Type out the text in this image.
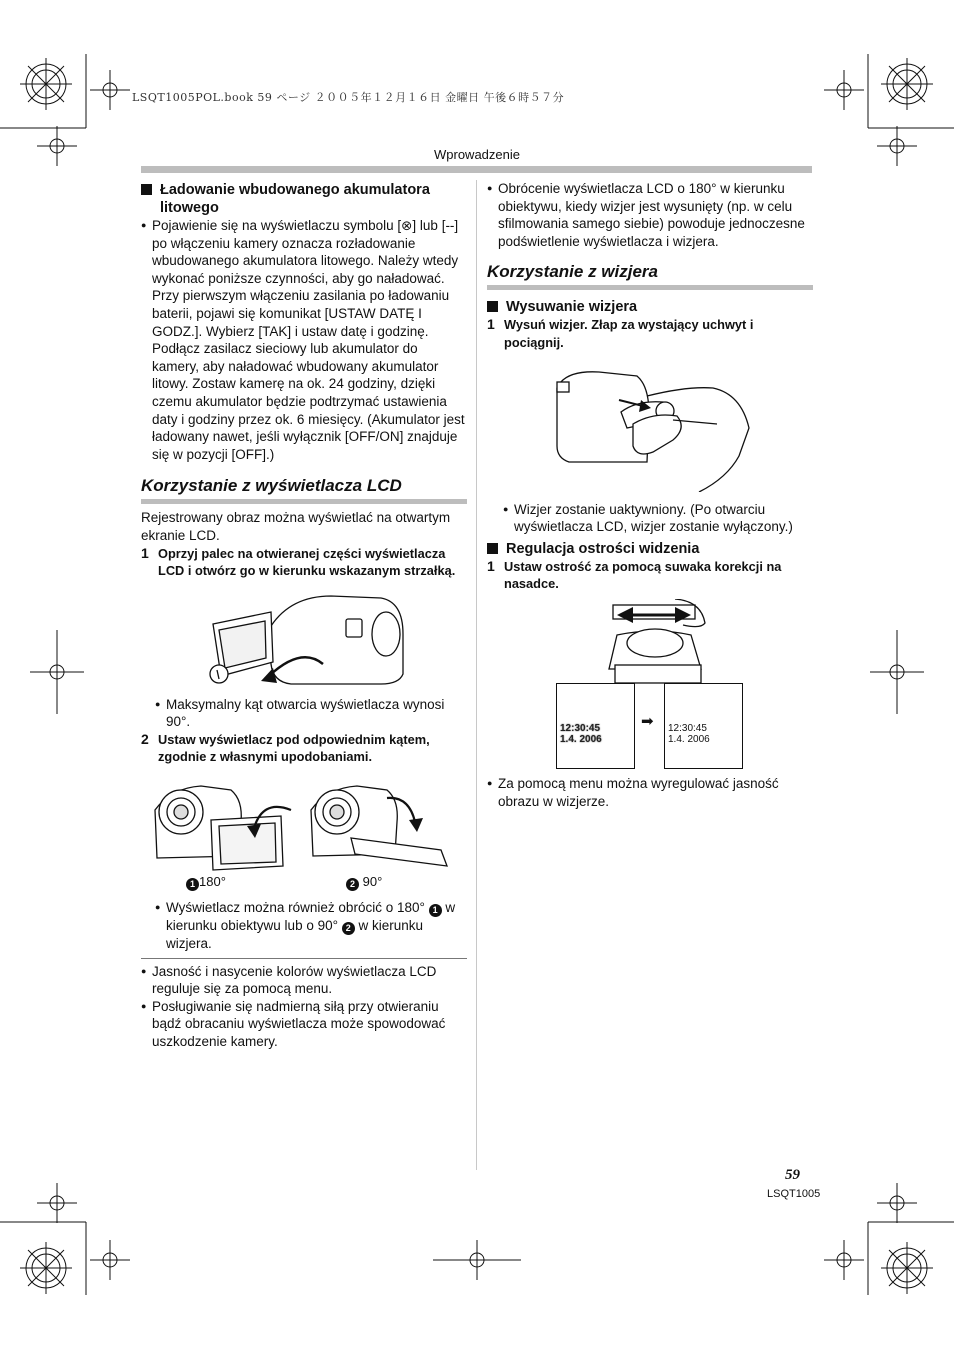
LSQT1005POL.book 59 ページ ２００５年１２月１６日 金曜日 午後６時５７分
Wprowadzenie
Ładowanie wbudowanego akumulatora litowego
● Pojawienie się na wyświetlaczu symbolu [⊗] lub [--] po włączeniu kamery oznacza rozładowanie wbudowanego akumulatora litowego. Należy wtedy wykonać poniższe czynności, aby go naładować. Przy pierwszym włączeniu zasilania po ładowaniu baterii, pojawi się komunikat [USTAW DATĘ I GODZ.]. Wybierz [TAK] i ustaw datę i godzinę. Podłącz zasilacz sieciowy lub akumulator do kamery, aby naładować wbudowany akumulator litowy. Zostaw kamerę na ok. 24 godziny, dzięki czemu akumulator będzie podtrzymać ustawienia daty i godziny przez ok. 6 miesięcy. (Akumulator jest ładowany nawet, jeśli wyłącznik [OFF/ON] znajduje się w pozycji [OFF].)
Korzystanie z wyświetlacza LCD
Rejestrowany obraz można wyświetlać na otwartym ekranie LCD.
1 Oprzyj palec na otwieranej części wyświetlacza LCD i otwórz go w kierunku wskazanym strzałką.
● Maksymalny kąt otwarcia wyświetlacza wynosi 90°.
2 Ustaw wyświetlacz pod odpowiednim kątem, zgodnie z własnymi upodobaniami.
1 180°	2 90°
● Wyświetlacz można również obrócić o 180° 1 w kierunku obiektywu lub o 90° 2 w kierunku wizjera.
● Jasność i nasycenie kolorów wyświetlacza LCD reguluje się za pomocą menu.
● Posługiwanie się nadmierną siłą przy otwieraniu bądź obracaniu wyświetlacza może spowodować uszkodzenie kamery.
● Obrócenie wyświetlacza LCD o 180° w kierunku obiektywu, kiedy wizjer jest wysunięty (np. w celu sfilmowania samego siebie) powoduje jednoczesne podświetlenie wyświetlacza i wizjera.
Korzystanie z wizjera
Wysuwanie wizjera
1 Wysuń wizjer. Złap za wystający uchwyt i pociągnij.
● Wizjer zostanie uaktywniony. (Po otwarciu wyświetlacza LCD, wizjer zostanie wyłączony.)
Regulacja ostrości widzenia
1 Ustaw ostrość za pomocą suwaka korekcji na nasadce.
12:30:45
1.4. 2006
➡ 12:30:45
1.4. 2006
● Za pomocą menu można wyregulować jasność obrazu w wizjerze.
59
LSQT1005
